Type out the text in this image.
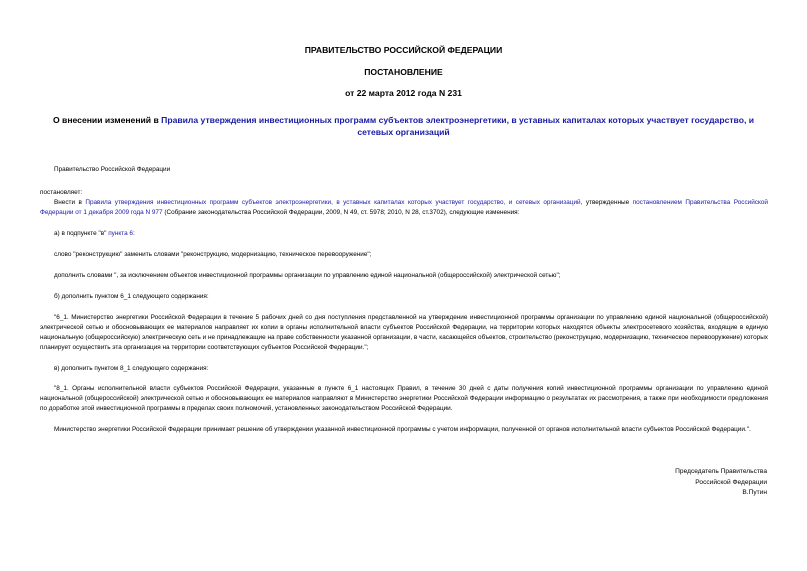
ПРАВИТЕЛЬСТВО РОССИЙСКОЙ ФЕДЕРАЦИИ
ПОСТАНОВЛЕНИЕ
от 22 марта 2012 года N 231
О внесении изменений в Правила утверждения инвестиционных программ субъектов электроэнергетики, в уставных капиталах которых участвует государство, и сетевых организаций
Правительство Российской Федерации
постановляет:
Внести в Правила утверждения инвестиционных программ субъектов электроэнергетики, в уставных капиталах которых участвует государство, и сетевых организаций, утвержденные постановлением Правительства Российской Федерации от 1 декабря 2009 года N 977 (Собрание законодательства Российской Федерации, 2009, N 49, ст. 5978; 2010, N 28, ст.3702), следующие изменения:
а) в подпункте "в" пункта 6:
слово "реконструкцию" заменить словами "реконструкцию, модернизацию, техническое перевооружение";
дополнить словами ", за исключением объектов инвестиционной программы организации по управлению единой национальной (общероссийской) электрической сетью";
б) дополнить пунктом 6_1 следующего содержания:
"6_1. Министерство энергетики Российской Федерации в течение 5 рабочих дней со дня поступления представленной на утверждение инвестиционной программы организации по управлению единой национальной (общероссийской) электрической сетью и обосновывающих ее материалов направляет их копии в органы исполнительной власти субъектов Российской Федерации, на территории которых находятся объекты электросетевого хозяйства, входящие в единую национальную (общероссийскую) электрическую сеть и не принадлежащие на праве собственности указанной организации, в части, касающейся объектов, строительство (реконструкцию, модернизацию, техническое перевооружение) которых планирует осуществить эта организация на территории соответствующих субъектов Российской Федерации.";
в) дополнить пунктом 8_1 следующего содержания:
"8_1. Органы исполнительной власти субъектов Российской Федерации, указанные в пункте 6_1 настоящих Правил, в течение 30 дней с даты получения копий инвестиционной программы организации по управлению единой национальной (общероссийской) электрической сетью и обосновывающих ее материалов направляют в Министерство энергетики Российской Федерации информацию о результатах их рассмотрения, а также при необходимости предложения по доработке этой инвестиционной программы в пределах своих полномочий, установленных законодательством Российской Федерации.
Министерство энергетики Российской Федерации принимает решение об утверждении указанной инвестиционной программы с учетом информации, полученной от органов исполнительной власти субъектов Российской Федерации.".
Председатель Правительства
Российской Федерации
В.Путин
